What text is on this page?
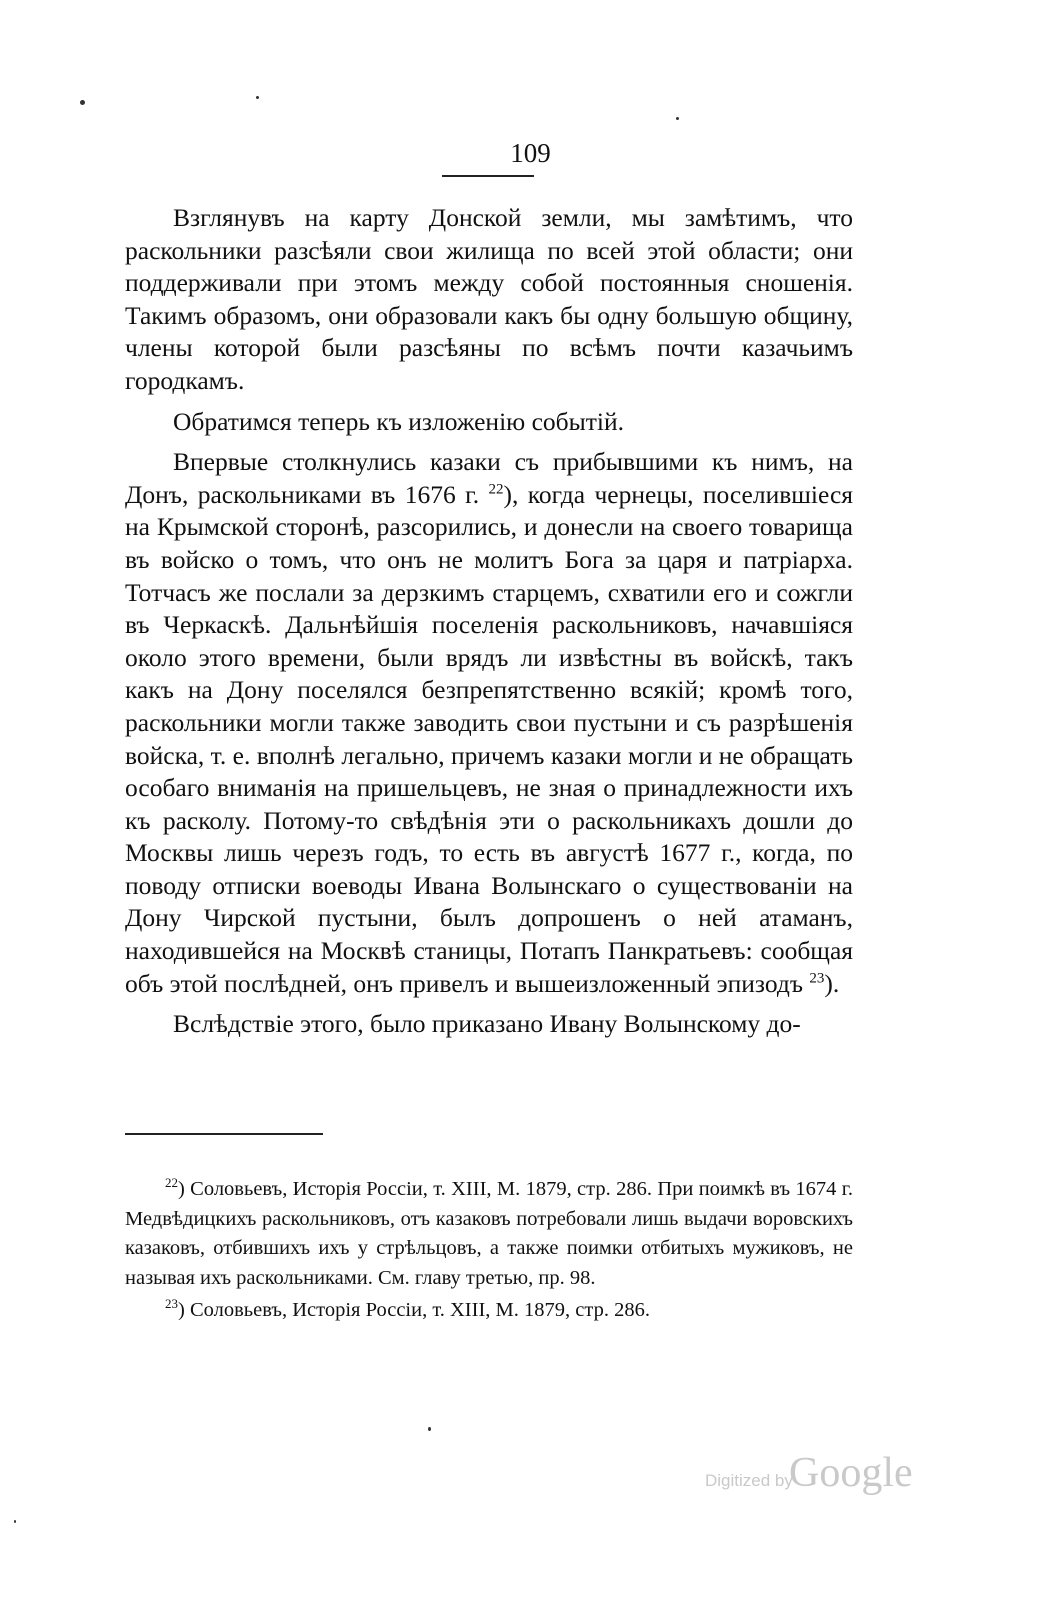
109

Взглянувъ на карту Донской земли, мы замѣтимъ, что раскольники разсѣяли свои жилища по всей этой области; они поддерживали при этомъ между собой постоянныя сношенія. Такимъ образомъ, они образовали какъ бы одну большую общину, члены которой были разсѣяны по всѣмъ почти казачьимъ городкамъ.

Обратимся теперь къ изложенію событій.

Впервые столкнулись казаки съ прибывшими къ нимъ, на Донъ, раскольниками въ 1676 г. $^{22}$), когда чернецы, поселившіеся на Крымской сторонѣ, разсорились, и донесли на своего товарища въ войско о томъ, что онъ не молитъ Бога за царя и патріарха. Тотчасъ же послали за дерзкимъ старцемъ, схватили его и сожгли въ Черкаскѣ. Дальнѣйшія поселенія раскольниковъ, начавшіяся около этого времени, были врядъ ли извѣстны въ войскѣ, такъ какъ на Дону поселялся безпрепятственно всякій; кромѣ того, раскольники могли также заводить свои пустыни и съ разрѣшенія войска, т. е. вполнѣ легально, причемъ казаки могли и не обращать особаго вниманія на пришельцевъ, не зная о принадлежности ихъ къ расколу. Потому-то свѣдѣнія эти о раскольникахъ дошли до Москвы лишь черезъ годъ, то есть въ августѣ 1677 г., когда, по поводу отписки воеводы Ивана Волынскаго о существованіи на Дону Чирской пустыни, былъ допрошенъ о ней атаманъ, находившейся на Москвѣ станицы, Потапъ Панкратьевъ: сообщая объ этой послѣдней, онъ привелъ и вышеизложенный эпизодъ $^{23}$).

Вслѣдствіе этого, было приказано Ивану Волынскому до-

$^{22}$) Соловьевъ, Исторія Россіи, т. XIII, М. 1879, стр. 286. При поимкѣ въ 1674 г. Медвѣдицкихъ раскольниковъ, отъ казаковъ потребовали лишь выдачи воровскихъ казаковъ, отбившихъ ихъ у стрѣльцовъ, а также поимки отбитыхъ мужиковъ, не называя ихъ раскольниками. См. главу третью, пр. 98.

$^{23}$) Соловьевъ, Исторія Россіи, т. XIII, М. 1879, стр. 286.

Digitized by
Google
